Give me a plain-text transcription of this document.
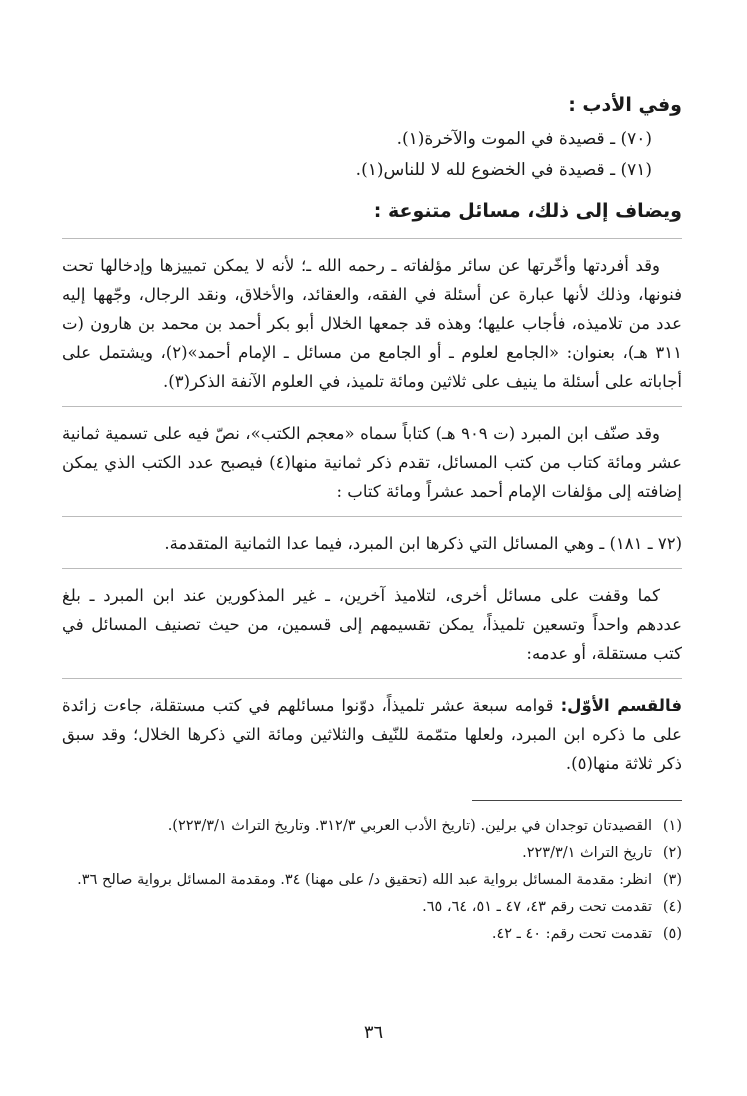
وفي الأدب :

(٧٠) ـ قصيدة في الموت والآخرة(١).

(٧١) ـ قصيدة في الخضوع لله لا للناس(١).

ويضاف إلى ذلك، مسائل متنوعة :

وقد أفردتها وأخّرتها عن سائر مؤلفاته ـ رحمه الله ـ؛ لأنه لا يمكن تمييزها وإدخالها تحت فنونها، وذلك لأنها عبارة عن أسئلة في الفقه، والعقائد، والأخلاق، ونقد الرجال، وجّهها إليه عدد من تلاميذه، فأجاب عليها؛ وهذه قد جمعها الخلال أبو بكر أحمد بن محمد بن هارون (ت ٣١١ هـ)، بعنوان: «الجامع لعلوم ـ أو الجامع من مسائل ـ الإمام أحمد»(٢)، ويشتمل على أجاباته على أسئلة ما ينيف على ثلاثين ومائة تلميذ، في العلوم الآنفة الذكر(٣).

وقد صنّف ابن المبرد (ت ٩٠٩ هـ) كتاباً سماه «معجم الكتب»، نصّ فيه على تسمية ثمانية عشر ومائة كتاب من كتب المسائل، تقدم ذكر ثمانية منها(٤) فيصبح عدد الكتب الذي يمكن إضافته إلى مؤلفات الإمام أحمد عشراً ومائة كتاب :

(٧٢ ـ ١٨١) ـ وهي المسائل التي ذكرها ابن المبرد، فيما عدا الثمانية المتقدمة.

كما وقفت على مسائل أخرى، لتلاميذ آخرين، ـ غير المذكورين عند ابن المبرد ـ بلغ عددهم واحداً وتسعين تلميذاً، يمكن تقسيمهم إلى قسمين، من حيث تصنيف المسائل في كتب مستقلة، أو عدمه:

فالقسم الأوّل: قوامه سبعة عشر تلميذاً، دوّنوا مسائلهم في كتب مستقلة، جاءت زائدة على ما ذكره ابن المبرد، ولعلها متمّمة للنّيف والثلاثين ومائة التي ذكرها الخلال؛ وقد سبق ذكر ثلاثة منها(٥).

(١)
القصيدتان توجدان في برلين. (تاريخ الأدب العربي ٣١٢/٣. وتاريخ التراث ٢٢٣/٣/١).

(٢)
تاريخ التراث ٢٢٣/٣/١.

(٣)
انظر: مقدمة المسائل برواية عبد الله (تحقيق د/ على مهنا) ٣٤. ومقدمة المسائل برواية صالح ٣٦.

(٤)
تقدمت تحت رقم ٤٣، ٤٧ ـ ٥١، ٦٤، ٦٥.

(٥)
تقدمت تحت رقم: ٤٠ ـ ٤٢.

٣٦
